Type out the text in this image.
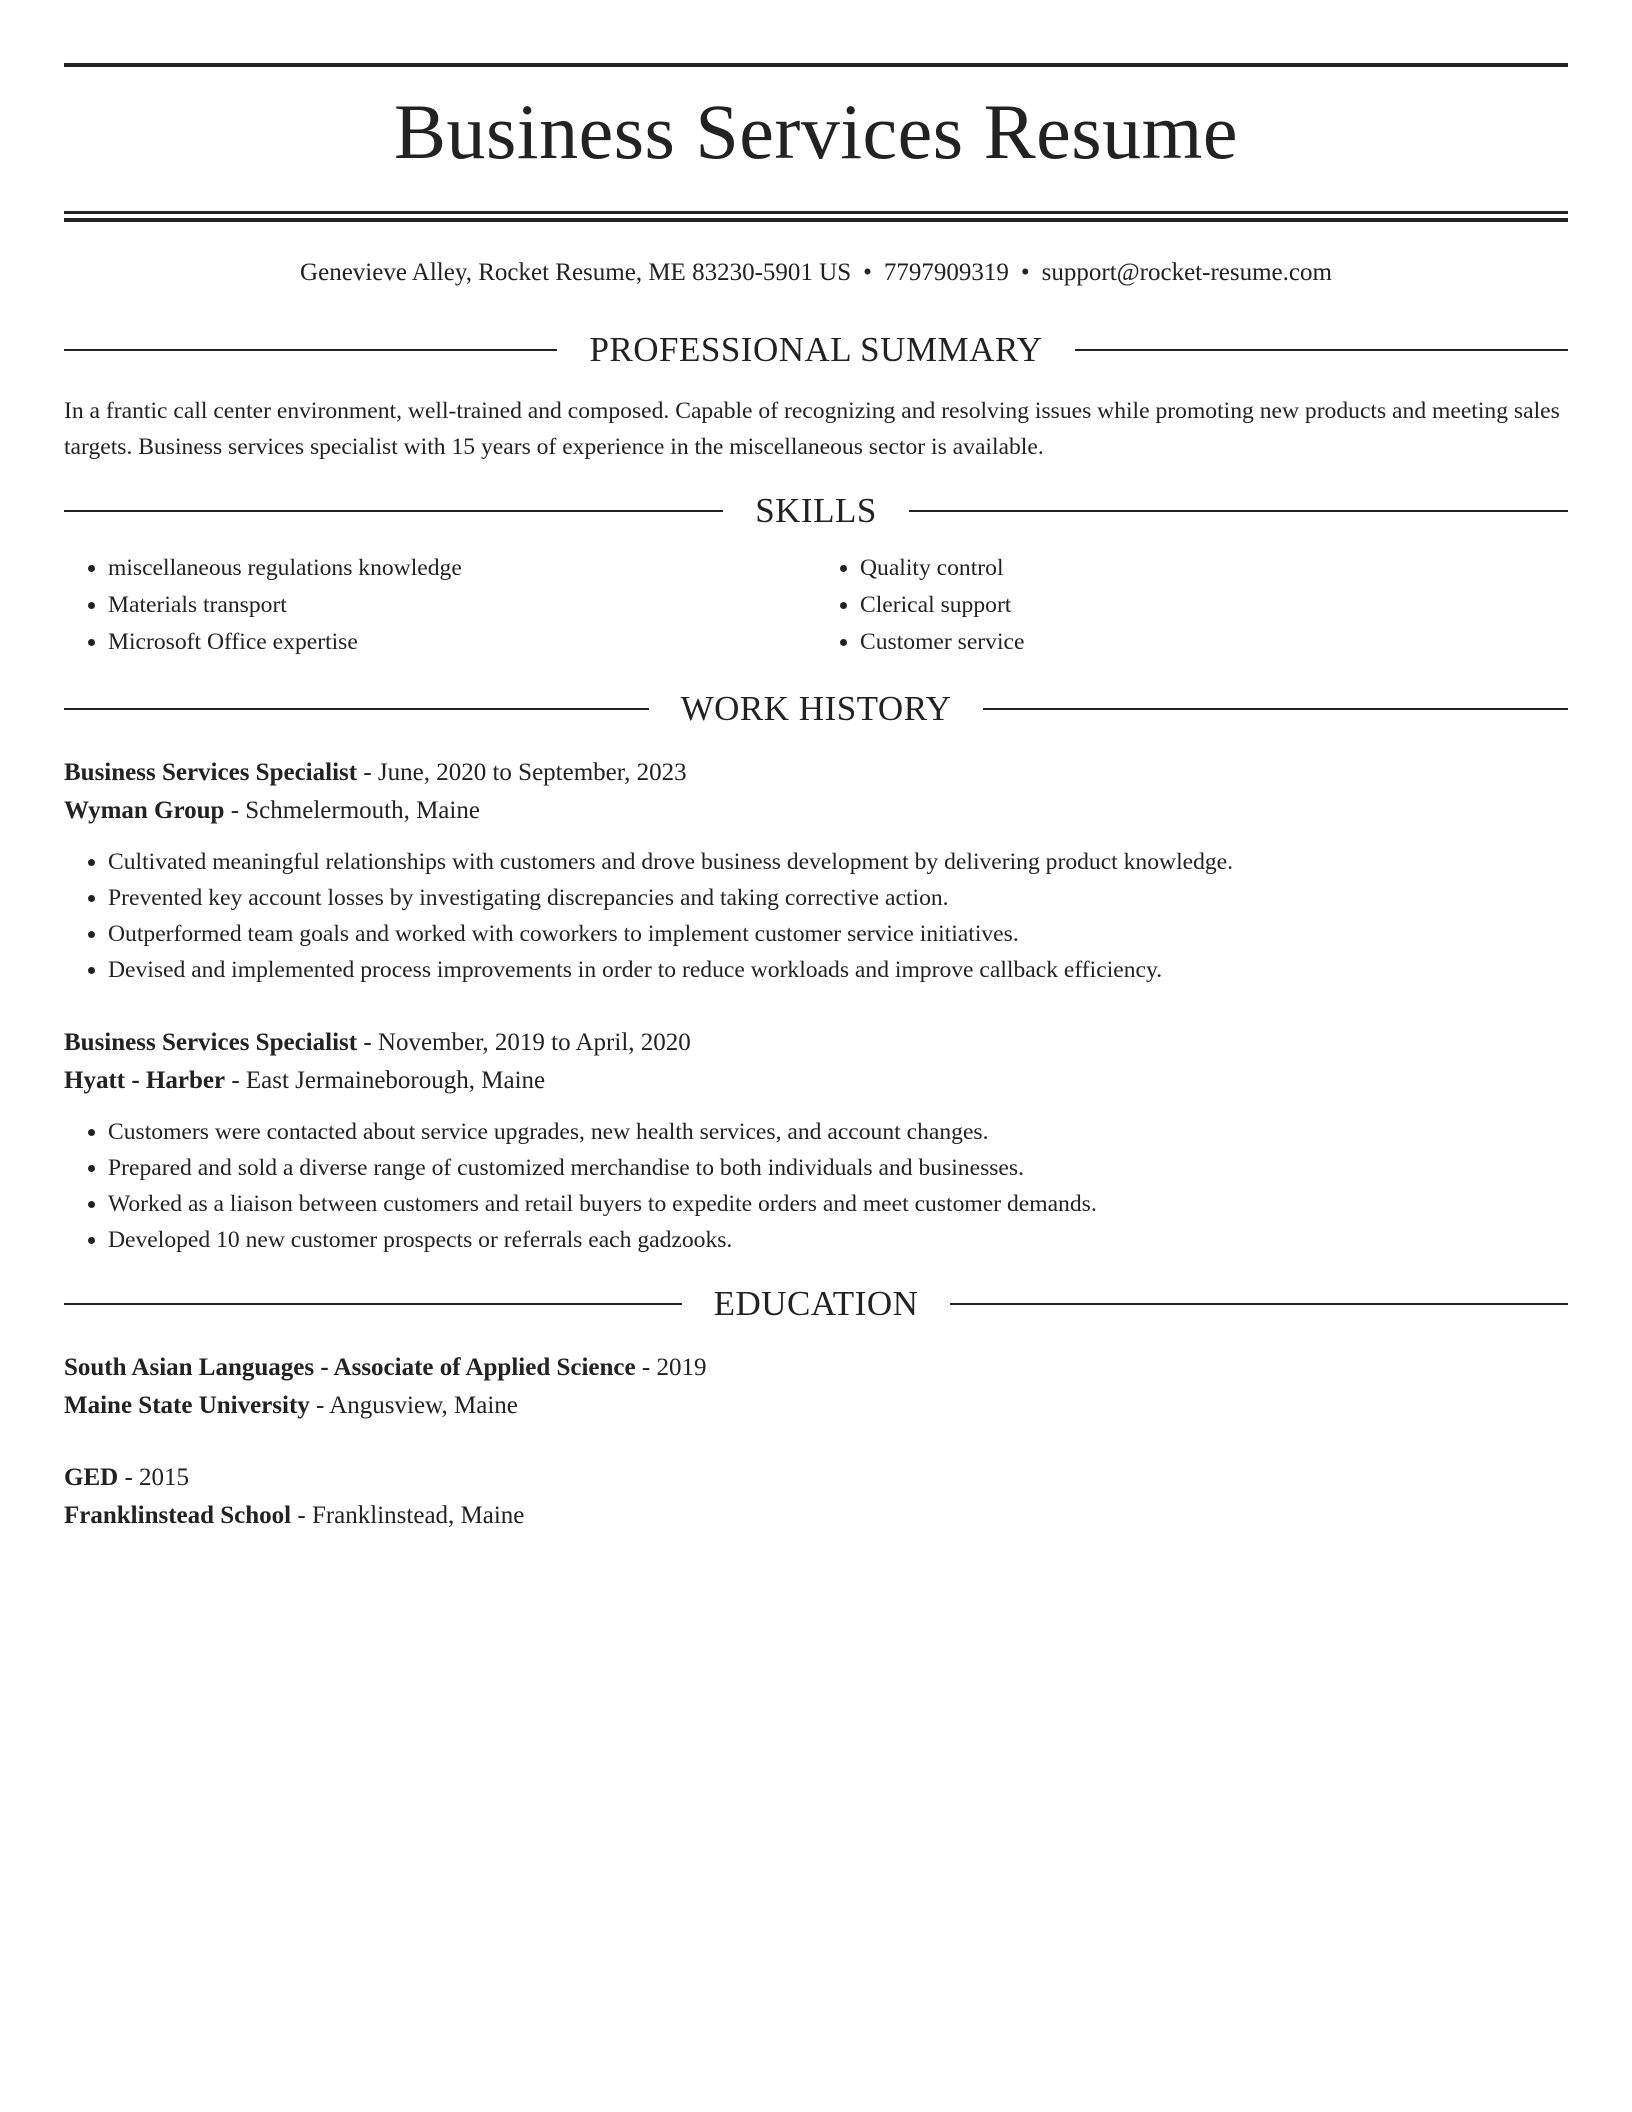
Business Services Resume
Genevieve Alley, Rocket Resume, ME 83230-5901 US • 7797909319 • support@rocket-resume.com
PROFESSIONAL SUMMARY
In a frantic call center environment, well-trained and composed. Capable of recognizing and resolving issues while promoting new products and meeting sales targets. Business services specialist with 15 years of experience in the miscellaneous sector is available.
SKILLS
• miscellaneous regulations knowledge
• Materials transport
• Microsoft Office expertise
• Quality control
• Clerical support
• Customer service
WORK HISTORY
Business Services Specialist - June, 2020 to September, 2023
Wyman Group - Schmelermouth, Maine
• Cultivated meaningful relationships with customers and drove business development by delivering product knowledge.
• Prevented key account losses by investigating discrepancies and taking corrective action.
• Outperformed team goals and worked with coworkers to implement customer service initiatives.
• Devised and implemented process improvements in order to reduce workloads and improve callback efficiency.
Business Services Specialist - November, 2019 to April, 2020
Hyatt - Harber - East Jermaineborough, Maine
• Customers were contacted about service upgrades, new health services, and account changes.
• Prepared and sold a diverse range of customized merchandise to both individuals and businesses.
• Worked as a liaison between customers and retail buyers to expedite orders and meet customer demands.
• Developed 10 new customer prospects or referrals each gadzooks.
EDUCATION
South Asian Languages - Associate of Applied Science - 2019
Maine State University - Angusview, Maine
GED - 2015
Franklinstead School - Franklinstead, Maine
